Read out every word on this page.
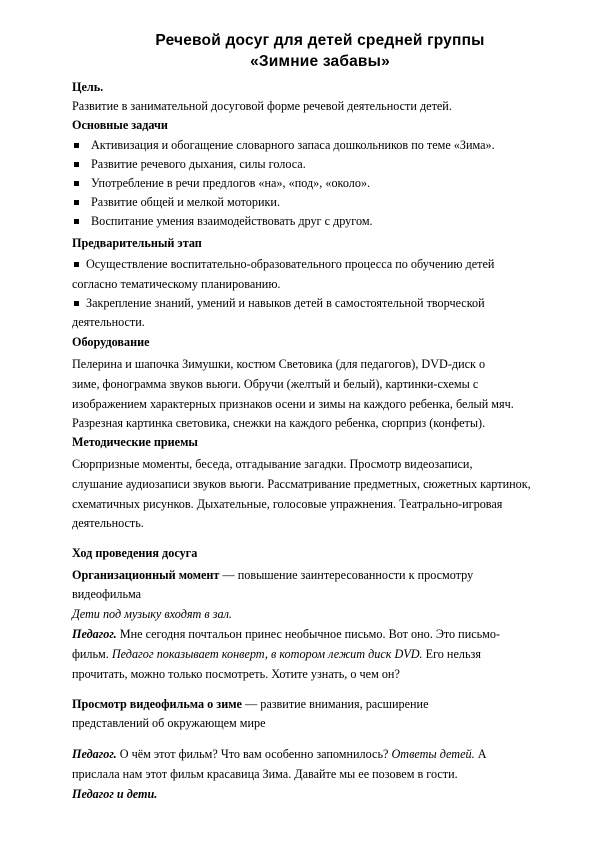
Речевой досуг для детей средней группы
«Зимние забавы»
Цель.
Развитие в занимательной досуговой форме речевой деятельности детей.
Основные задачи
Активизация и обогащение словарного запаса дошкольников по теме «Зима».
Развитие речевого дыхания, силы голоса.
Употребление в речи предлогов «на», «под», «около».
Развитие общей и мелкой моторики.
Воспитание умения взаимодействовать друг с другом.
Предварительный этап
Осуществление воспитательно-образовательного процесса по обучению детей
согласно тематическому планированию.
Закрепление знаний, умений и навыков детей в самостоятельной творческой
деятельности.
Оборудование
Пелерина и шапочка Зимушки, костюм Световика (для педагогов), DVD-диск о
зиме, фонограмма звуков вьюги. Обручи (желтый и белый), картинки-схемы с
изображением характерных признаков осени и зимы на каждого ребенка, белый мяч.
Разрезная картинка световика, снежки на каждого ребенка, сюрприз (конфеты).
Методические приемы
Сюрпризные моменты, беседа, отгадывание загадки. Просмотр видеозаписи,
слушание аудиозаписи звуков вьюги. Рассматривание предметных, сюжетных картинок,
схематичных рисунков. Дыхательные, голосовые упражнения. Театрально-игровая
деятельность.
Ход проведения досуга
Организационный момент — повышение заинтересованности к просмотру
видеофильма
Дети под музыку входят в зал.
Педагог. Мне сегодня почтальон принес необычное письмо. Вот оно. Это письмо-
фильм. Педагог показывает конверт, в котором лежит диск DVD. Его нельзя
прочитать, можно только посмотреть. Хотите узнать, о чем он?
Просмотр видеофильма о зиме — развитие внимания, расширение
представлений об окружающем мире
Педагог. О чём этот фильм? Что вам особенно запомнилось? Ответы детей. А
прислала нам этот фильм красавица Зима. Давайте мы ее позовем в гости.
Педагог и дети.
